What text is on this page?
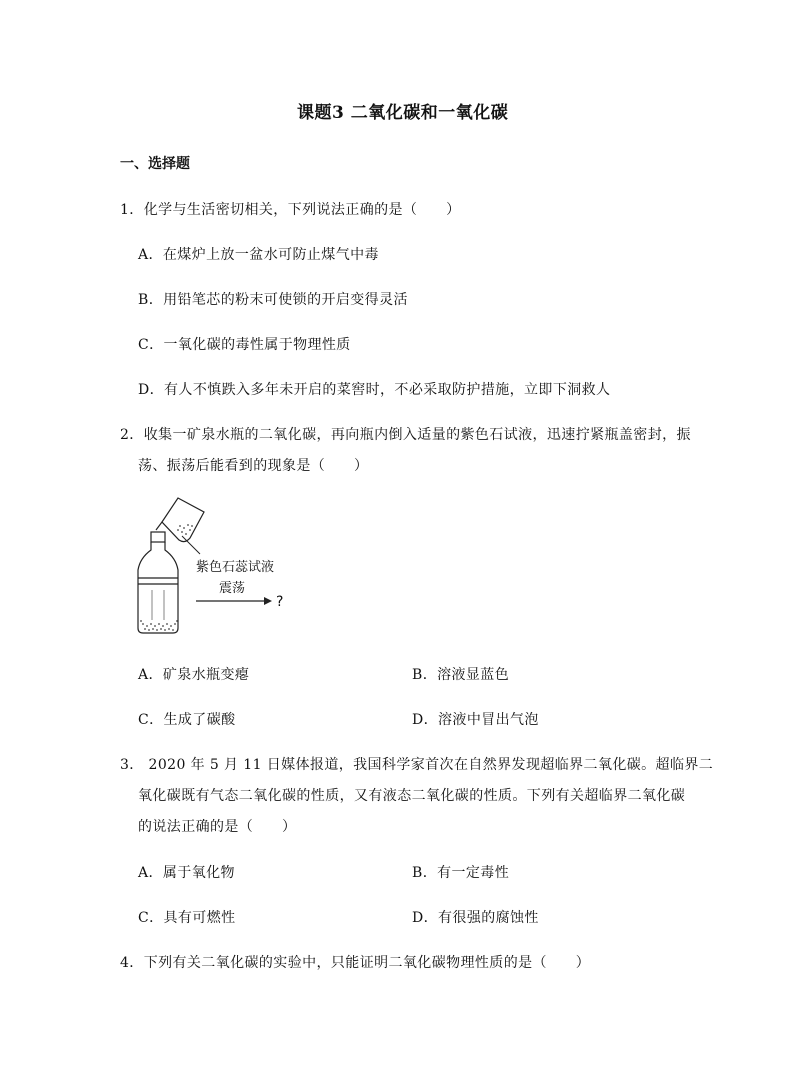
课题3 二氧化碳和一氧化碳
一、选择题
1．化学与生活密切相关，下列说法正确的是（　　）
A．在煤炉上放一盆水可防止煤气中毒
B．用铅笔芯的粉末可使锁的开启变得灵活
C．一氧化碳的毒性属于物理性质
D．有人不慎跌入多年未开启的菜窖时，不必采取防护措施，立即下洞救人
2．收集一矿泉水瓶的二氧化碳，再向瓶内倒入适量的紫色石试液，迅速拧紧瓶盖密封，振
荡、振荡后能看到的现象是（　　）
紫色石蕊试液
震荡
?
A．矿泉水瓶变瘪	B．溶液显蓝色
C．生成了碳酸	D．溶液中冒出气泡
3． 2020 年 5 月 11 日媒体报道，我国科学家首次在自然界发现超临界二氧化碳。超临界二
氧化碳既有气态二氧化碳的性质，又有液态二氧化碳的性质。下列有关超临界二氧化碳
的说法正确的是（　　）
A．属于氧化物	B．有一定毒性
C．具有可燃性	D．有很强的腐蚀性
4．下列有关二氧化碳的实验中，只能证明二氧化碳物理性质的是（　　）
